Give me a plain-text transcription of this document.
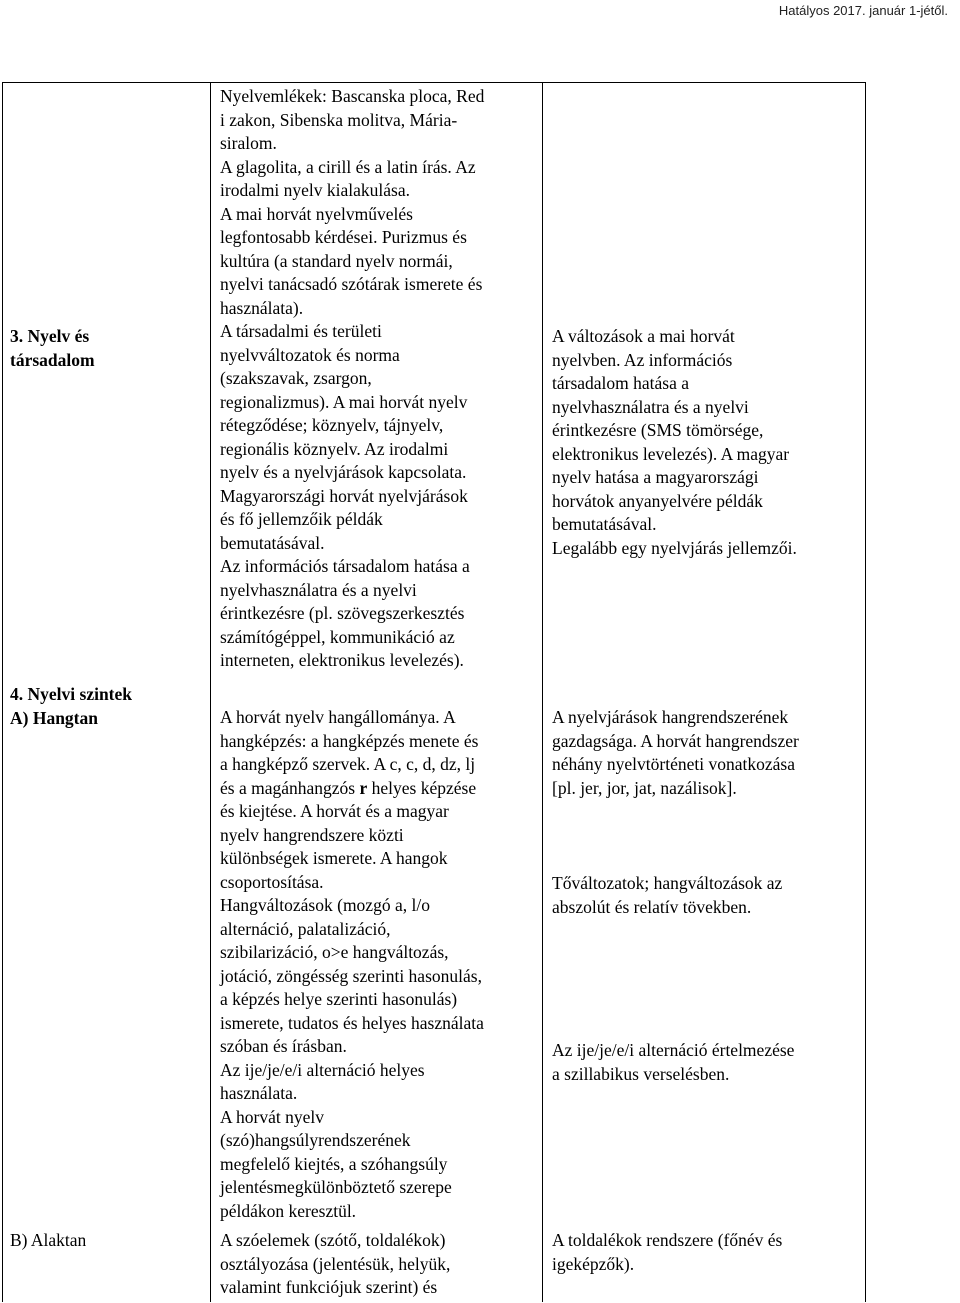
Hatályos 2017. január 1-jétől.

3. Nyelv és
társadalom

4. Nyelvi szintek
A) Hangtan

B) Alaktan

Nyelvemlékek: Bascanska ploca, Red
i zakon, Sibenska molitva, Mária-
siralom.
A glagolita, a cirill és a latin írás. Az
irodalmi nyelv kialakulása.
A mai horvát nyelvművelés
legfontosabb kérdései. Purizmus és
kultúra (a standard nyelv normái,
nyelvi tanácsadó szótárak ismerete és
használata).
A társadalmi és területi
nyelvváltozatok és norma
(szakszavak, zsargon,
regionalizmus). A mai horvát nyelv
rétegződése; köznyelv, tájnyelv,
regionális köznyelv. Az irodalmi
nyelv és a nyelvjárások kapcsolata.
Magyarországi horvát nyelvjárások
és fő jellemzőik példák
bemutatásával.
Az információs társadalom hatása a
nyelvhasználatra és a nyelvi
érintkezésre (pl. szövegszerkesztés
számítógéppel, kommunikáció az
interneten, elektronikus levelezés).

A horvát nyelv hangállománya. A
hangképzés: a hangképzés menete és
a hangképző szervek. A c, c, d, dz, lj
és a magánhangzós r helyes képzése
és kiejtése. A horvát és a magyar
nyelv hangrendszere közti
különbségek ismerete. A hangok
csoportosítása.
Hangváltozások (mozgó a, l/o
alternáció, palatalizáció,
szibilarizáció, o>e hangváltozás,
jotáció, zöngésség szerinti hasonulás,
a képzés helye szerinti hasonulás)
ismerete, tudatos és helyes használata
szóban és írásban.
Az ije/je/e/i alternáció helyes
használata.
A horvát nyelv
(szó)hangsúlyrendszerének
megfelelő kiejtés, a szóhangsúly
jelentésmegkülönböztető szerepe
példákon keresztül.

A szóelemek (szótő, toldalékok)
osztályozása (jelentésük, helyük,
valamint funkciójuk szerint) és

A változások a mai horvát
nyelvben. Az információs
társadalom hatása a
nyelvhasználatra és a nyelvi
érintkezésre (SMS tömörsége,
elektronikus levelezés). A magyar
nyelv hatása a magyarországi
horvátok anyanyelvére példák
bemutatásával.
Legalább egy nyelvjárás jellemzői.

A nyelvjárások hangrendszerének
gazdagsága. A horvát hangrendszer
néhány nyelvtörténeti vonatkozása
[pl. jer, jor, jat, nazálisok].

Tőváltozatok; hangváltozások az
abszolút és relatív tövekben.

Az ije/je/e/i alternáció értelmezése
a szillabikus verselésben.

A toldalékok rendszere (főnév és
igeképzők).
